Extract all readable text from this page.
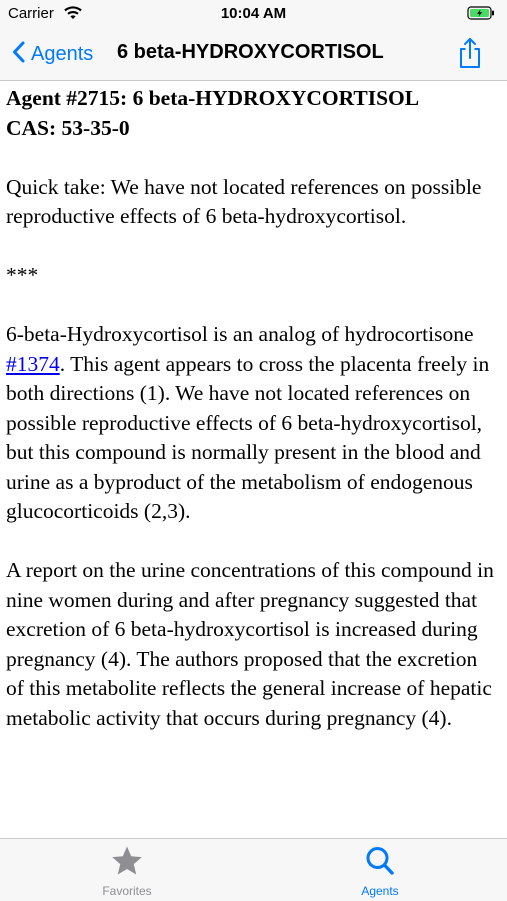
Carrier	10:04 AM
Agents 6 beta-HYDROXYCORTISOL

Agent #2715: 6 beta-HYDROXYCORTISOL
CAS: 53-35-0

Quick take: We have not located references on possible reproductive effects of 6 beta-hydroxycortisol.

***

6-beta-Hydroxycortisol is an analog of hydrocortisone #1374. This agent appears to cross the placenta freely in both directions (1). We have not located references on possible reproductive effects of 6 beta-hydroxycortisol, but this compound is normally present in the blood and urine as a byproduct of the metabolism of endogenous glucocorticoids (2,3).

A report on the urine concentrations of this compound in nine women during and after pregnancy suggested that excretion of 6 beta-hydroxycortisol is increased during pregnancy (4). The authors proposed that the excretion of this metabolite reflects the general increase of hepatic metabolic activity that occurs during pregnancy (4).

Favorites	Agents
